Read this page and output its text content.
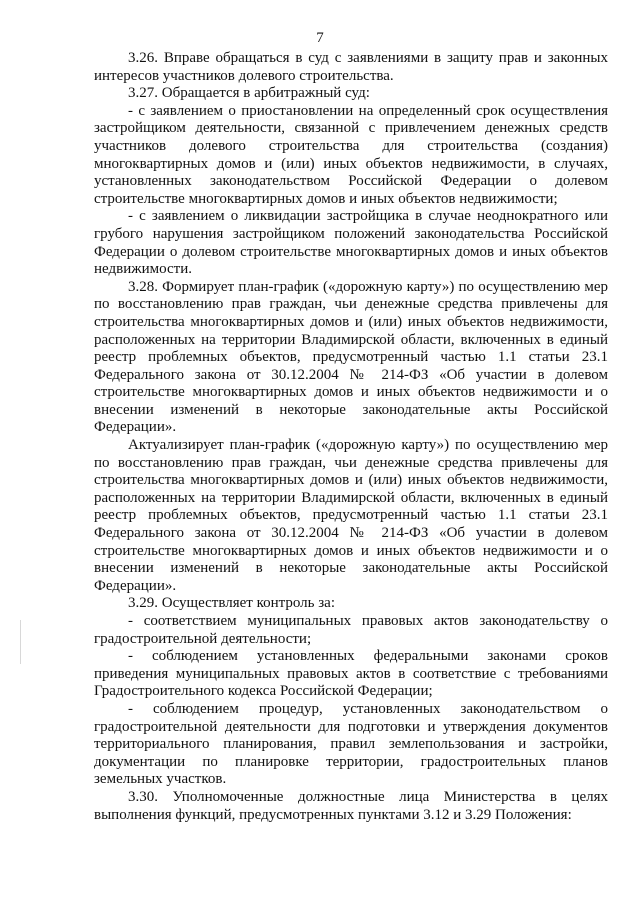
7

3.26. Вправе обращаться в суд с заявлениями в защиту прав и законных интересов участников долевого строительства.

3.27. Обращается в арбитражный суд:

- с заявлением о приостановлении на определенный срок осуществления застройщиком деятельности, связанной с привлечением денежных средств участников долевого строительства для строительства (создания) многоквартирных домов и (или) иных объектов недвижимости, в случаях, установленных законодательством Российской Федерации о долевом строительстве многоквартирных домов и иных объектов недвижимости;

- с заявлением о ликвидации застройщика в случае неоднократного или грубого нарушения застройщиком положений законодательства Российской Федерации о долевом строительстве многоквартирных домов и иных объектов недвижимости.

3.28. Формирует план-график («дорожную карту») по осуществлению мер по восстановлению прав граждан, чьи денежные средства привлечены для строительства многоквартирных домов и (или) иных объектов недвижимости, расположенных на территории Владимирской области, включенных в единый реестр проблемных объектов, предусмотренный частью 1.1 статьи 23.1 Федерального закона от 30.12.2004 № 214-ФЗ «Об участии в долевом строительстве многоквартирных домов и иных объектов недвижимости и о внесении изменений в некоторые законодательные акты Российской Федерации».

Актуализирует план-график («дорожную карту») по осуществлению мер по восстановлению прав граждан, чьи денежные средства привлечены для строительства многоквартирных домов и (или) иных объектов недвижимости, расположенных на территории Владимирской области, включенных в единый реестр проблемных объектов, предусмотренный частью 1.1 статьи 23.1 Федерального закона от 30.12.2004 № 214-ФЗ «Об участии в долевом строительстве многоквартирных домов и иных объектов недвижимости и о внесении изменений в некоторые законодательные акты Российской Федерации».

3.29. Осуществляет контроль за:

- соответствием муниципальных правовых актов законодательству о градостроительной деятельности;

- соблюдением установленных федеральными законами сроков приведения муниципальных правовых актов в соответствие с требованиями Градостроительного кодекса Российской Федерации;

- соблюдением процедур, установленных законодательством о градостроительной деятельности для подготовки и утверждения документов территориального планирования, правил землепользования и застройки, документации по планировке территории, градостроительных планов земельных участков.

3.30. Уполномоченные должностные лица Министерства в целях выполнения функций, предусмотренных пунктами 3.12 и 3.29 Положения:
